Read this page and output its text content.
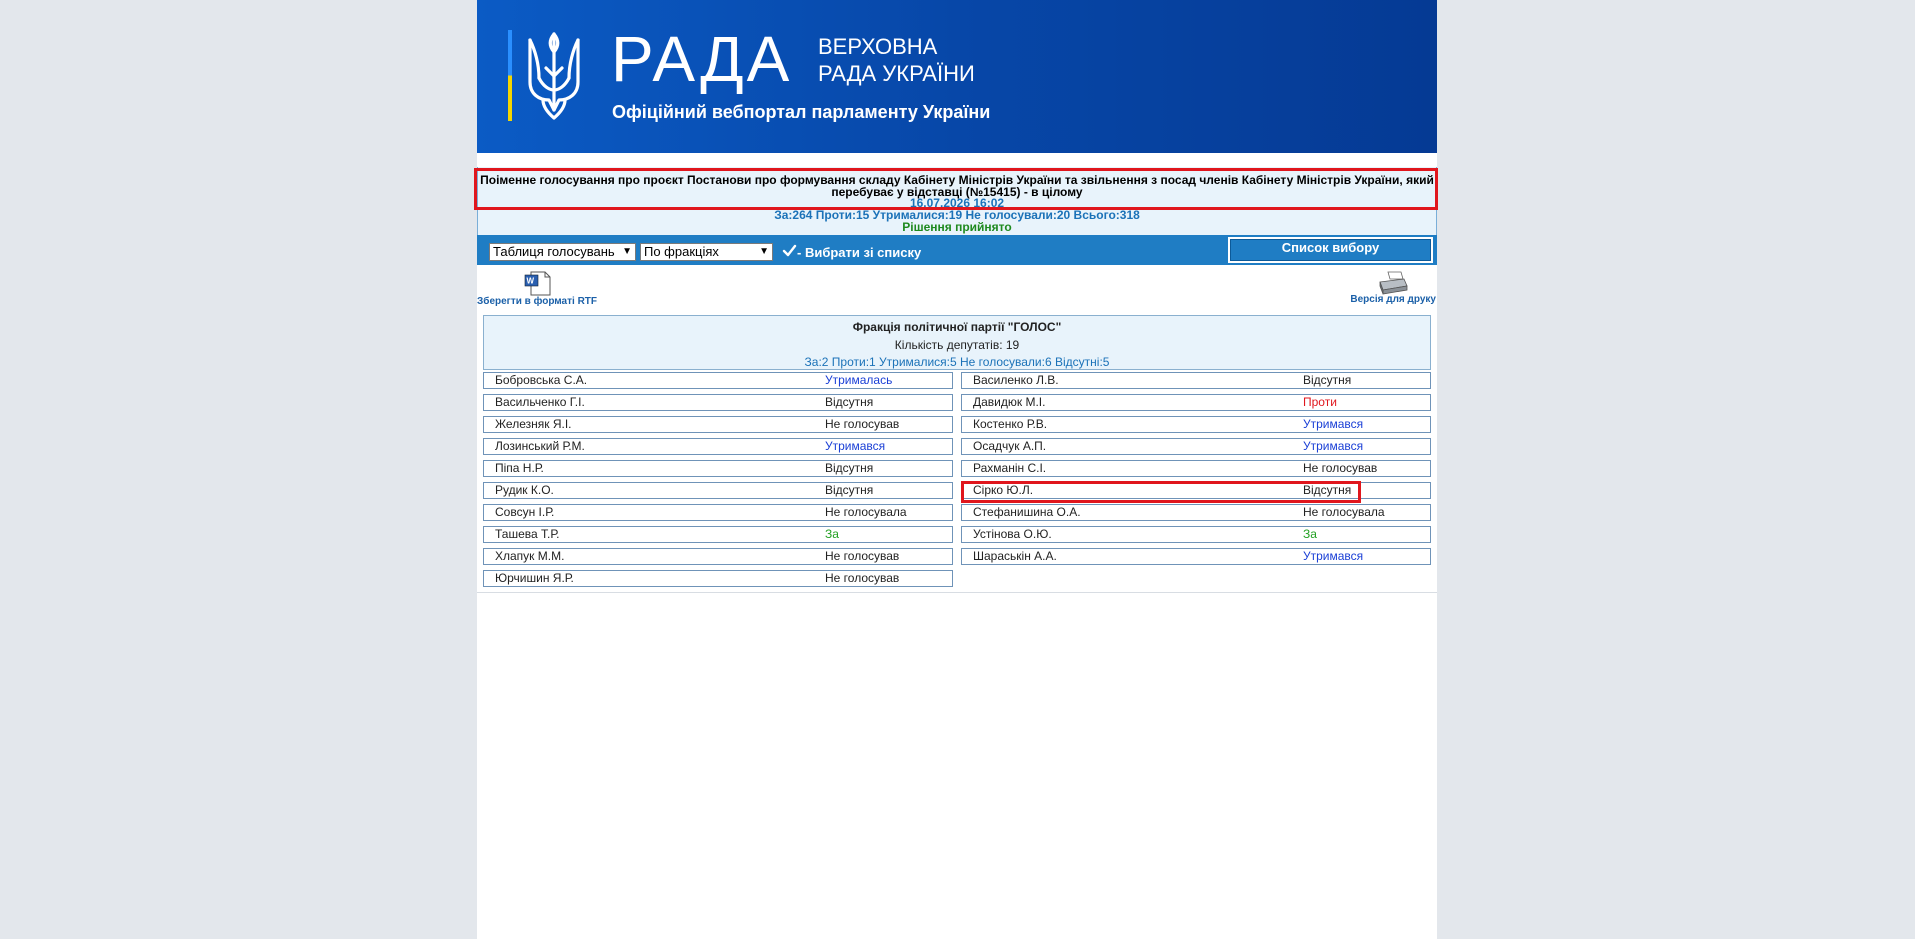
РАДА ВЕРХОВНА
РАДА УКРАЇНИ
Офіційний вебпортал парламенту України
Поіменне голосування про проєкт Постанови про формування складу Кабінету Міністрів України та звільнення з посад членів Кабінету Міністрів України, який перебуває у відставці (№15415) - в цілому
16.07.2026 16:02
За:264 Проти:15 Утрималися:19 Не голосували:20 Всього:318
Рішення прийнято
Таблиця голосувань ▼ По фракціях	▼ - Вибрати зі списку	Список вибору
W
Зберегти в форматі RTF	Версія для друку
Фракція політичної партії "ГОЛОС"
Кількість депутатів: 19
За:2 Проти:1 Утрималися:5 Не голосували:6 Відсутні:5
Бобровська С.А.	Утрималась
Васильченко Г.І.	Відсутня
Железняк Я.І.	Не голосував
Лозинський Р.М.	Утримався
Піпа Н.Р.	Відсутня
Рудик К.О.	Відсутня
Совсун І.Р.	Не голосувала
Ташева Т.Р.	За
Хлапук М.М.	Не голосував
Юрчишин Я.Р.	Не голосував
Василенко Л.В.	Відсутня
Давидюк М.І.	Проти
Костенко Р.В.	Утримався
Осадчук А.П.	Утримався
Рахманін С.І.	Не голосував
Сірко Ю.Л.	Відсутня
Стефанишина О.А.	Не голосувала
Устінова О.Ю.	За
Шараськін А.А.	Утримався
